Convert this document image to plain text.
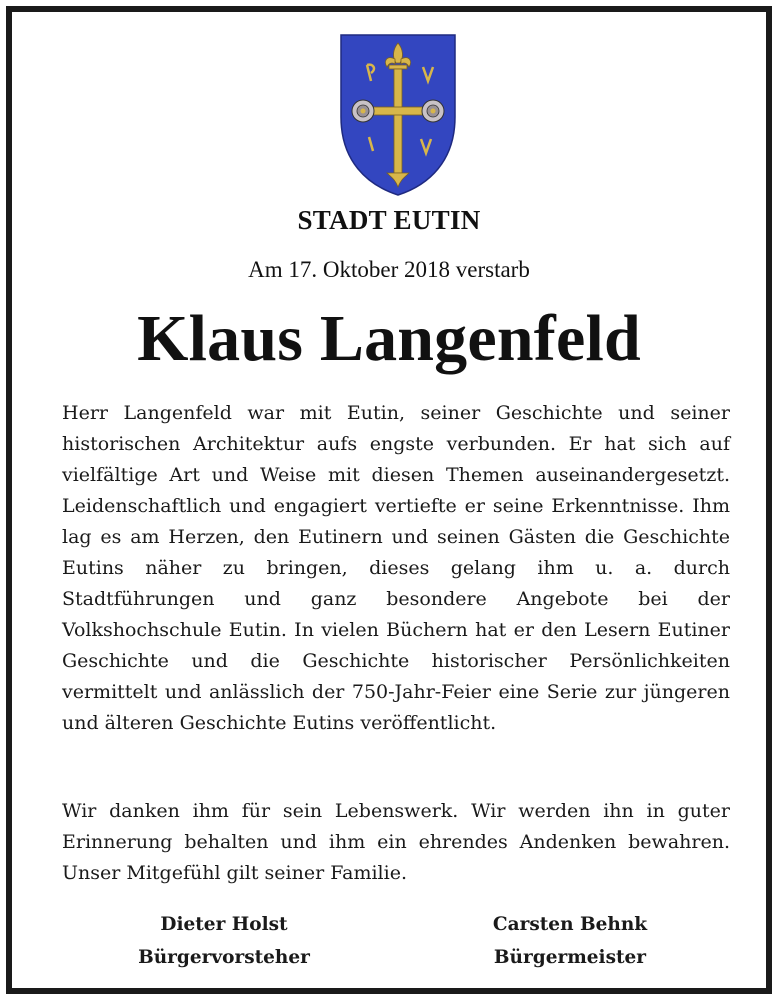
STADT EUTIN
Am 17. Oktober 2018 verstarb
Klaus Langenfeld
Herr Langenfeld war mit Eutin, seiner Geschichte und seiner historischen Architektur aufs engste verbunden. Er hat sich auf vielfältige Art und Weise mit diesen Themen auseinandergesetzt. Leidenschaftlich und engagiert vertiefte er seine Erkenntnisse. Ihm lag es am Herzen, den Eutinern und seinen Gästen die Geschichte Eutins näher zu bringen, dieses gelang ihm u. a. durch Stadtführungen und ganz besondere Angebote bei der Volkshochschule Eutin. In vielen Büchern hat er den Lesern Eutiner Geschichte und die Geschichte historischer Persönlichkeiten vermittelt und anlässlich der 750-Jahr-Feier eine Serie zur jüngeren und älteren Geschichte Eutins veröffentlicht.
Wir danken ihm für sein Lebenswerk. Wir werden ihn in guter Erinnerung behalten und ihm ein ehrendes Andenken bewahren. Unser Mitgefühl gilt seiner Familie.
Dieter Holst
Bürgervorsteher
Carsten Behnk
Bürgermeister
